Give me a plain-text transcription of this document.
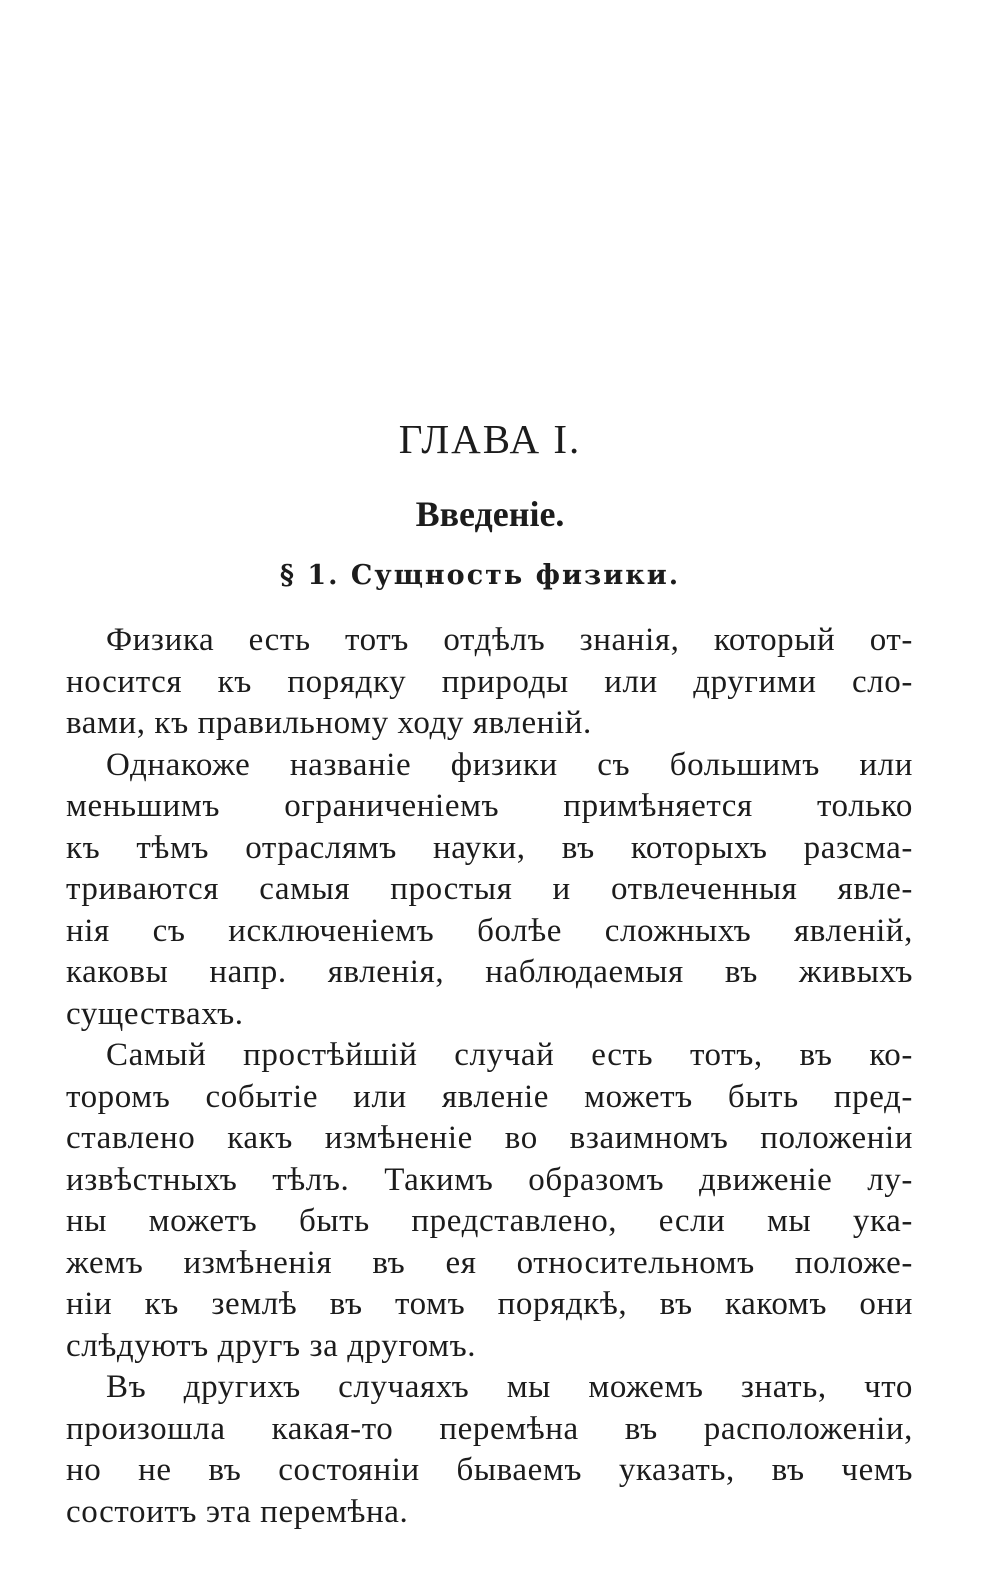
ГЛАВА I.
Введеніе.
§ 1. Сущность физики.
Физика есть тотъ отдѣлъ знанія, который от-
носится къ порядку природы или другими сло-
вами, къ правильному ходу явленій.
Однакоже названіе физики съ большимъ или
меньшимъ ограниченіемъ примѣняется только
къ тѣмъ отраслямъ науки, въ которыхъ разсма-
триваются самыя простыя и отвлеченныя явле-
нія съ исключеніемъ болѣе сложныхъ явленій,
каковы напр. явленія, наблюдаемыя въ живыхъ
существахъ.
Самый простѣйшій случай есть тотъ, въ ко-
торомъ событіе или явленіе можетъ быть пред-
ставлено какъ измѣненіе во взаимномъ положеніи
извѣстныхъ тѣлъ. Такимъ образомъ движеніе лу-
ны можетъ быть представлено, если мы ука-
жемъ измѣненія въ ея относительномъ положе-
ніи къ землѣ въ томъ порядкѣ, въ какомъ они
слѣдуютъ другъ за другомъ.
Въ другихъ случаяхъ мы можемъ знать, что
произошла какая-то перемѣна въ расположеніи,
но не въ состояніи бываемъ указать, въ чемъ
состоитъ эта перемѣна.
